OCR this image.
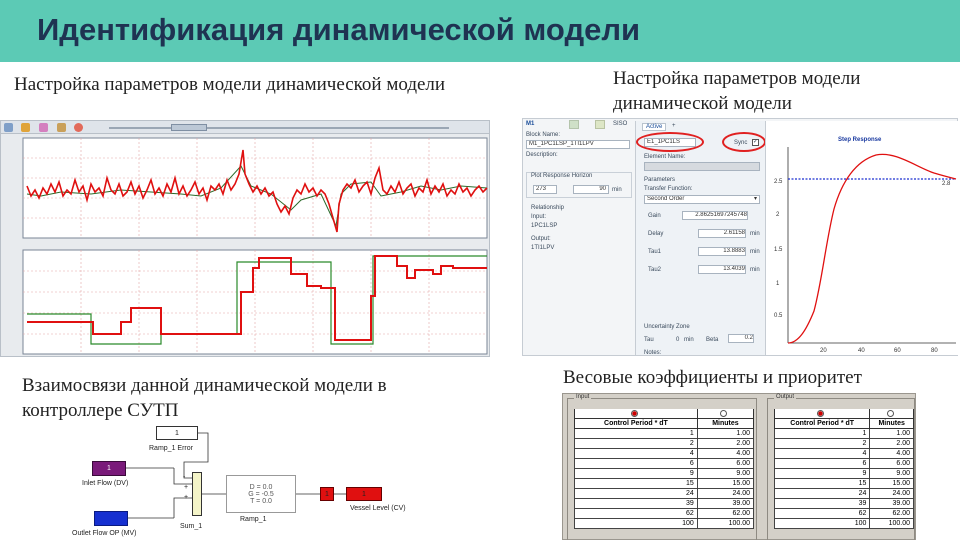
Идентификация динамической модели
Настройка параметров модели динамической модели	Настройка параметров модели динамической модели
Взаимосвязи данной динамической модели в контроллере СУТП
Весовые коэффициенты и приоритет
M1	SISO
Block Name:
M1_1PC1LSP_1TI1LPV
Description:
Plot Response Horizon
273	90	min
Relationship
Input:
1PC1LSP
Output:
1TI1LPV
Active	+
E1_1PC1LS	Sync ✓
Element Name:
Parameters
Transfer Function:
Second Order	▾
Gain	2.86251697245748
Delay	2.61158 min
Tau1	13.8883 min
Tau2	13.4039 min
Uncertainty Zone
Tau	0 min Beta	0.2
Notes:
Step Response
0.5
1
1.5
2
2.5
20	40	60	80
2.8
1
Ramp_1 Error
1
Inlet Flow (DV)
Outlet Flow OP (MV)
-
+
+
Sum_1
D = 0.0
G = -0.5
T = 0.0
Ramp_1
1	1
Vessel Level (CV)
Input

Control Period * dT	Minutes
1	1.00
2	2.00
4	4.00
6	6.00
9	9.00
15	15.00
24	24.00
39	39.00
62	62.00
100	100.00
Output

Control Period * dT	Minutes
1	1.00
2	2.00
4	4.00
6	6.00
9	9.00
15	15.00
24	24.00
39	39.00
62	62.00
100	100.00
